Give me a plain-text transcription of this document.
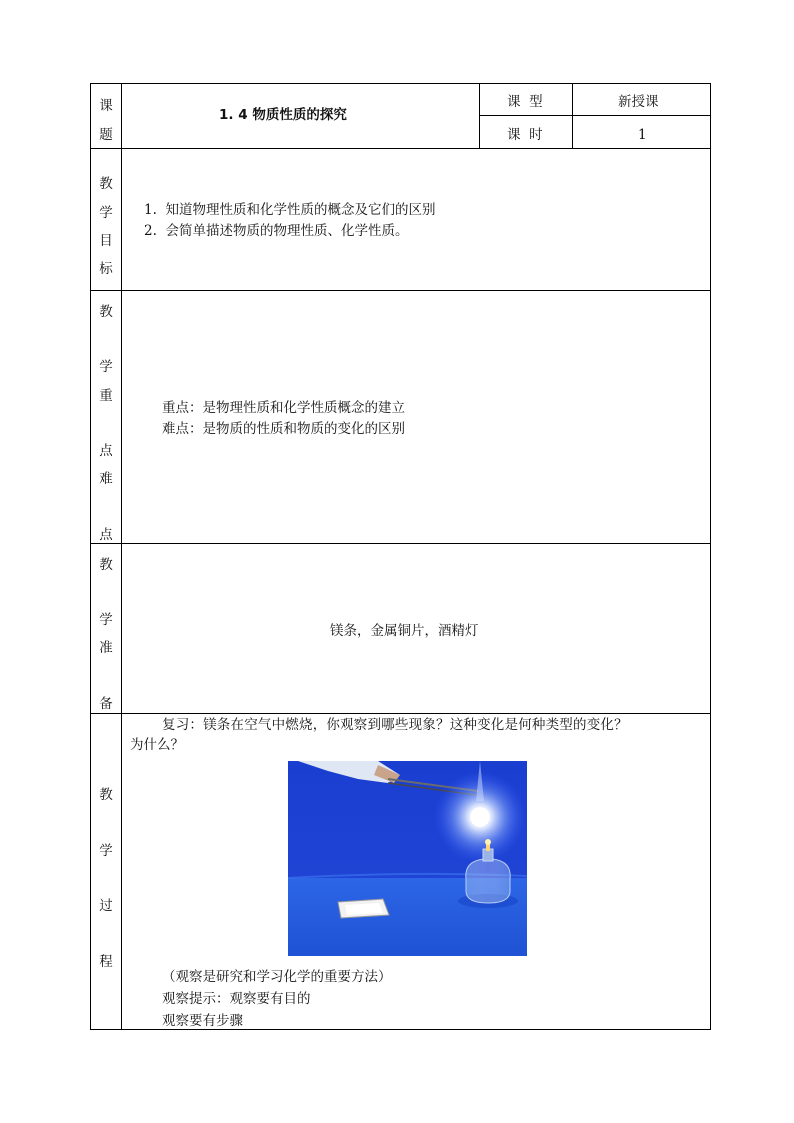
课
题
1. 4 物质性质的探究
课  型	新授课
课  时	1
教
学
目
标
1.  知道物理性质和化学性质的概念及它们的区别
2.  会简单描述物质的物理性质、化学性质。
教
学
重
点
难
点
重点：是物理性质和化学性质概念的建立
难点：是物质的性质和物质的变化的区别
教
学
准
备
镁条，金属铜片，酒精灯
教
学
过
程
复习：镁条在空气中燃烧，你观察到哪些现象？这种变化是何种类型的变化？
为什么？
（观察是研究和学习化学的重要方法）
观察提示：观察要有目的
观察要有步骤
